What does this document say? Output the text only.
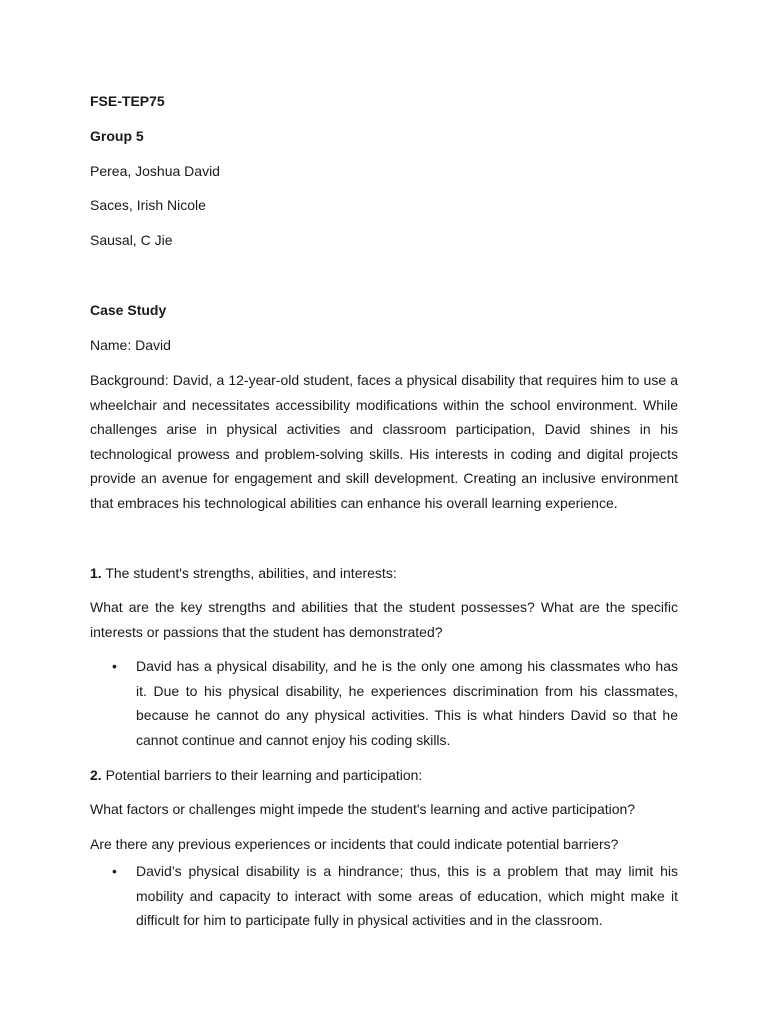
FSE-TEP75

Group 5

Perea, Joshua David

Saces, Irish Nicole

Sausal, C Jie

Case Study

Name: David

Background: David, a 12-year-old student, faces a physical disability that requires him to use a wheelchair and necessitates accessibility modifications within the school environment. While challenges arise in physical activities and classroom participation, David shines in his technological prowess and problem-solving skills. His interests in coding and digital projects provide an avenue for engagement and skill development. Creating an inclusive environment that embraces his technological abilities can enhance his overall learning experience.

1. The student's strengths, abilities, and interests:

What are the key strengths and abilities that the student possesses? What are the specific interests or passions that the student has demonstrated?

• David has a physical disability, and he is the only one among his classmates who has it. Due to his physical disability, he experiences discrimination from his classmates, because he cannot do any physical activities. This is what hinders David so that he cannot continue and cannot enjoy his coding skills.

2. Potential barriers to their learning and participation:

What factors or challenges might impede the student's learning and active participation?

Are there any previous experiences or incidents that could indicate potential barriers?

• David’s physical disability is a hindrance; thus, this is a problem that may limit his mobility and capacity to interact with some areas of education, which might make it difficult for him to participate fully in physical activities and in the classroom.
